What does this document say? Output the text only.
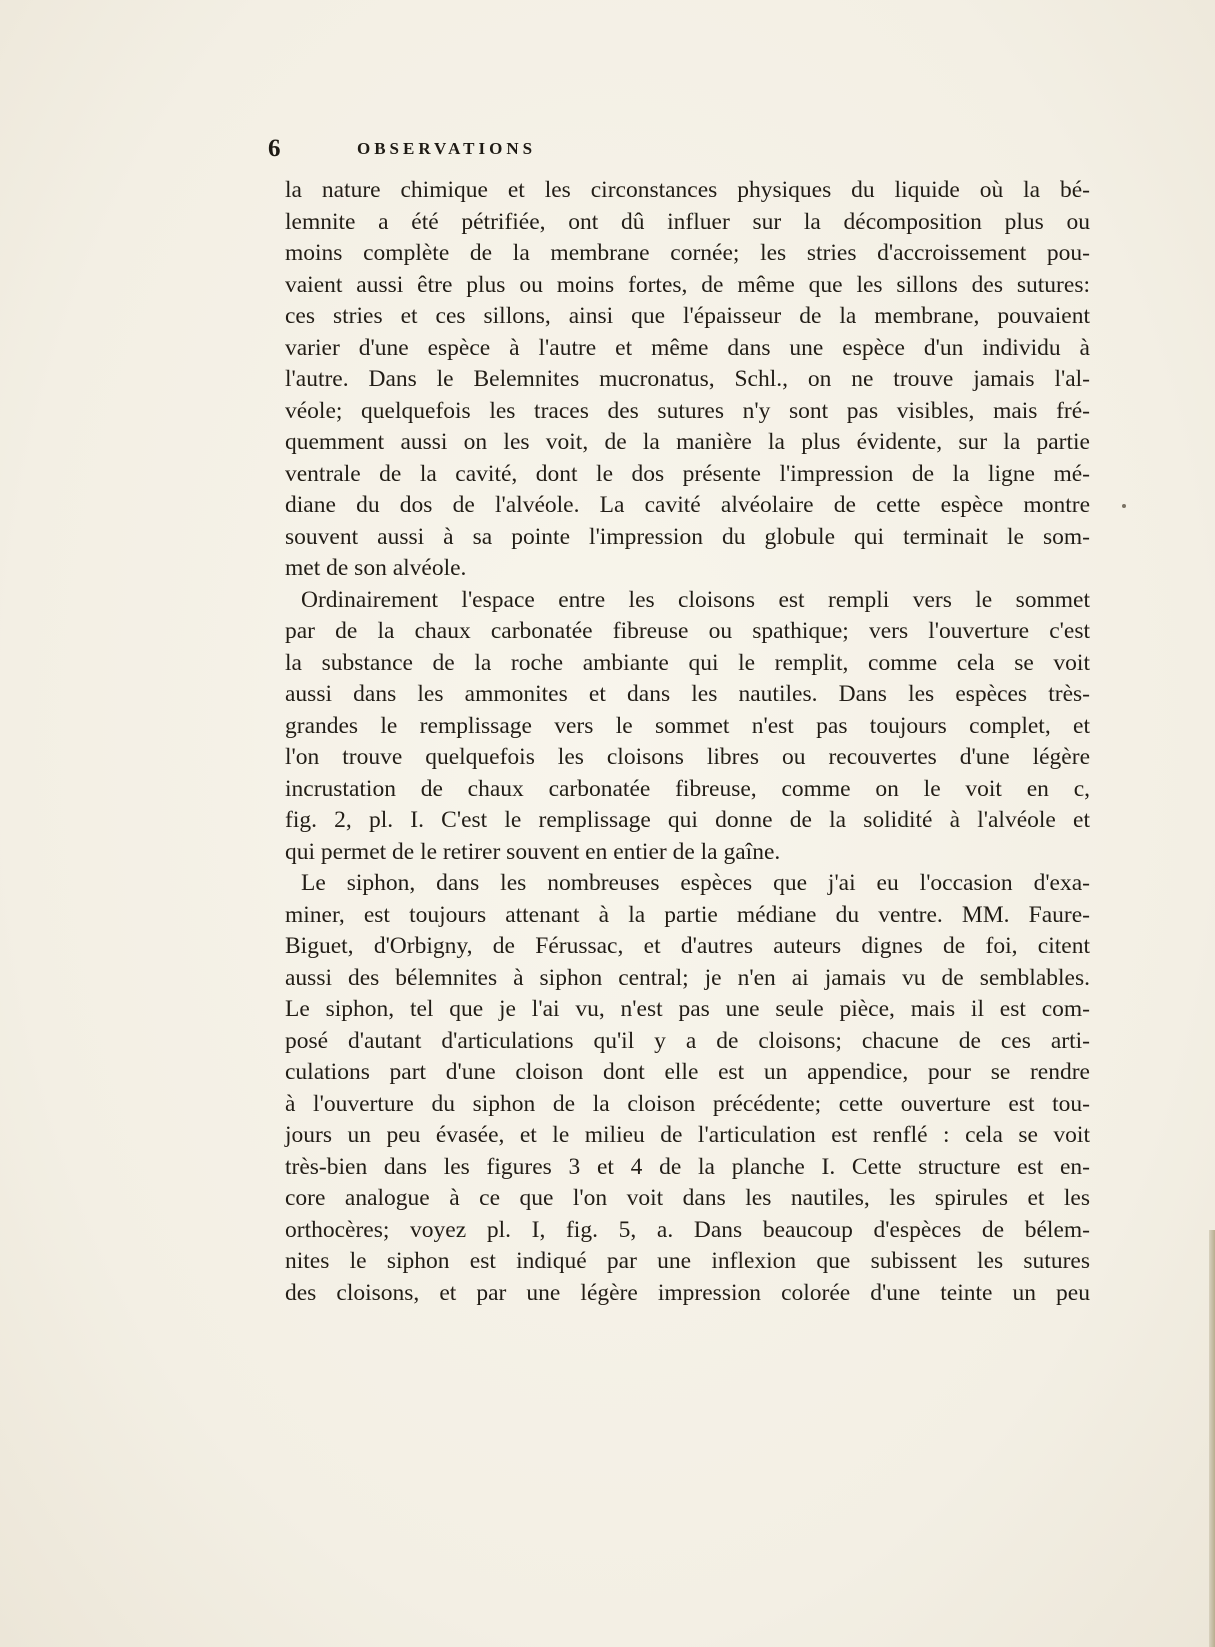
6	OBSERVATIONS
la nature chimique et les circonstances physiques du liquide où la bé-
lemnite a été pétrifiée, ont dû influer sur la décomposition plus ou
moins complète de la membrane cornée; les stries d'accroissement pou-
vaient aussi être plus ou moins fortes, de même que les sillons des sutures:
ces stries et ces sillons, ainsi que l'épaisseur de la membrane, pouvaient
varier d'une espèce à l'autre et même dans une espèce d'un individu à
l'autre. Dans le Belemnites mucronatus, Schl., on ne trouve jamais l'al-
véole; quelquefois les traces des sutures n'y sont pas visibles, mais fré-
quemment aussi on les voit, de la manière la plus évidente, sur la partie
ventrale de la cavité, dont le dos présente l'impression de la ligne mé-
diane du dos de l'alvéole. La cavité alvéolaire de cette espèce montre
souvent aussi à sa pointe l'impression du globule qui terminait le som-
met de son alvéole.
Ordinairement l'espace entre les cloisons est rempli vers le sommet
par de la chaux carbonatée fibreuse ou spathique; vers l'ouverture c'est
la substance de la roche ambiante qui le remplit, comme cela se voit
aussi dans les ammonites et dans les nautiles. Dans les espèces très-
grandes le remplissage vers le sommet n'est pas toujours complet, et
l'on trouve quelquefois les cloisons libres ou recouvertes d'une légère
incrustation de chaux carbonatée fibreuse, comme on le voit en c,
fig. 2, pl. I. C'est le remplissage qui donne de la solidité à l'alvéole et
qui permet de le retirer souvent en entier de la gaîne.
Le siphon, dans les nombreuses espèces que j'ai eu l'occasion d'exa-
miner, est toujours attenant à la partie médiane du ventre. MM. Faure-
Biguet, d'Orbigny, de Férussac, et d'autres auteurs dignes de foi, citent
aussi des bélemnites à siphon central; je n'en ai jamais vu de semblables.
Le siphon, tel que je l'ai vu, n'est pas une seule pièce, mais il est com-
posé d'autant d'articulations qu'il y a de cloisons; chacune de ces arti-
culations part d'une cloison dont elle est un appendice, pour se rendre
à l'ouverture du siphon de la cloison précédente; cette ouverture est tou-
jours un peu évasée, et le milieu de l'articulation est renflé : cela se voit
très-bien dans les figures 3 et 4 de la planche I. Cette structure est en-
core analogue à ce que l'on voit dans les nautiles, les spirules et les
orthocères; voyez pl. I, fig. 5, a. Dans beaucoup d'espèces de bélem-
nites le siphon est indiqué par une inflexion que subissent les sutures
des cloisons, et par une légère impression colorée d'une teinte un peu
